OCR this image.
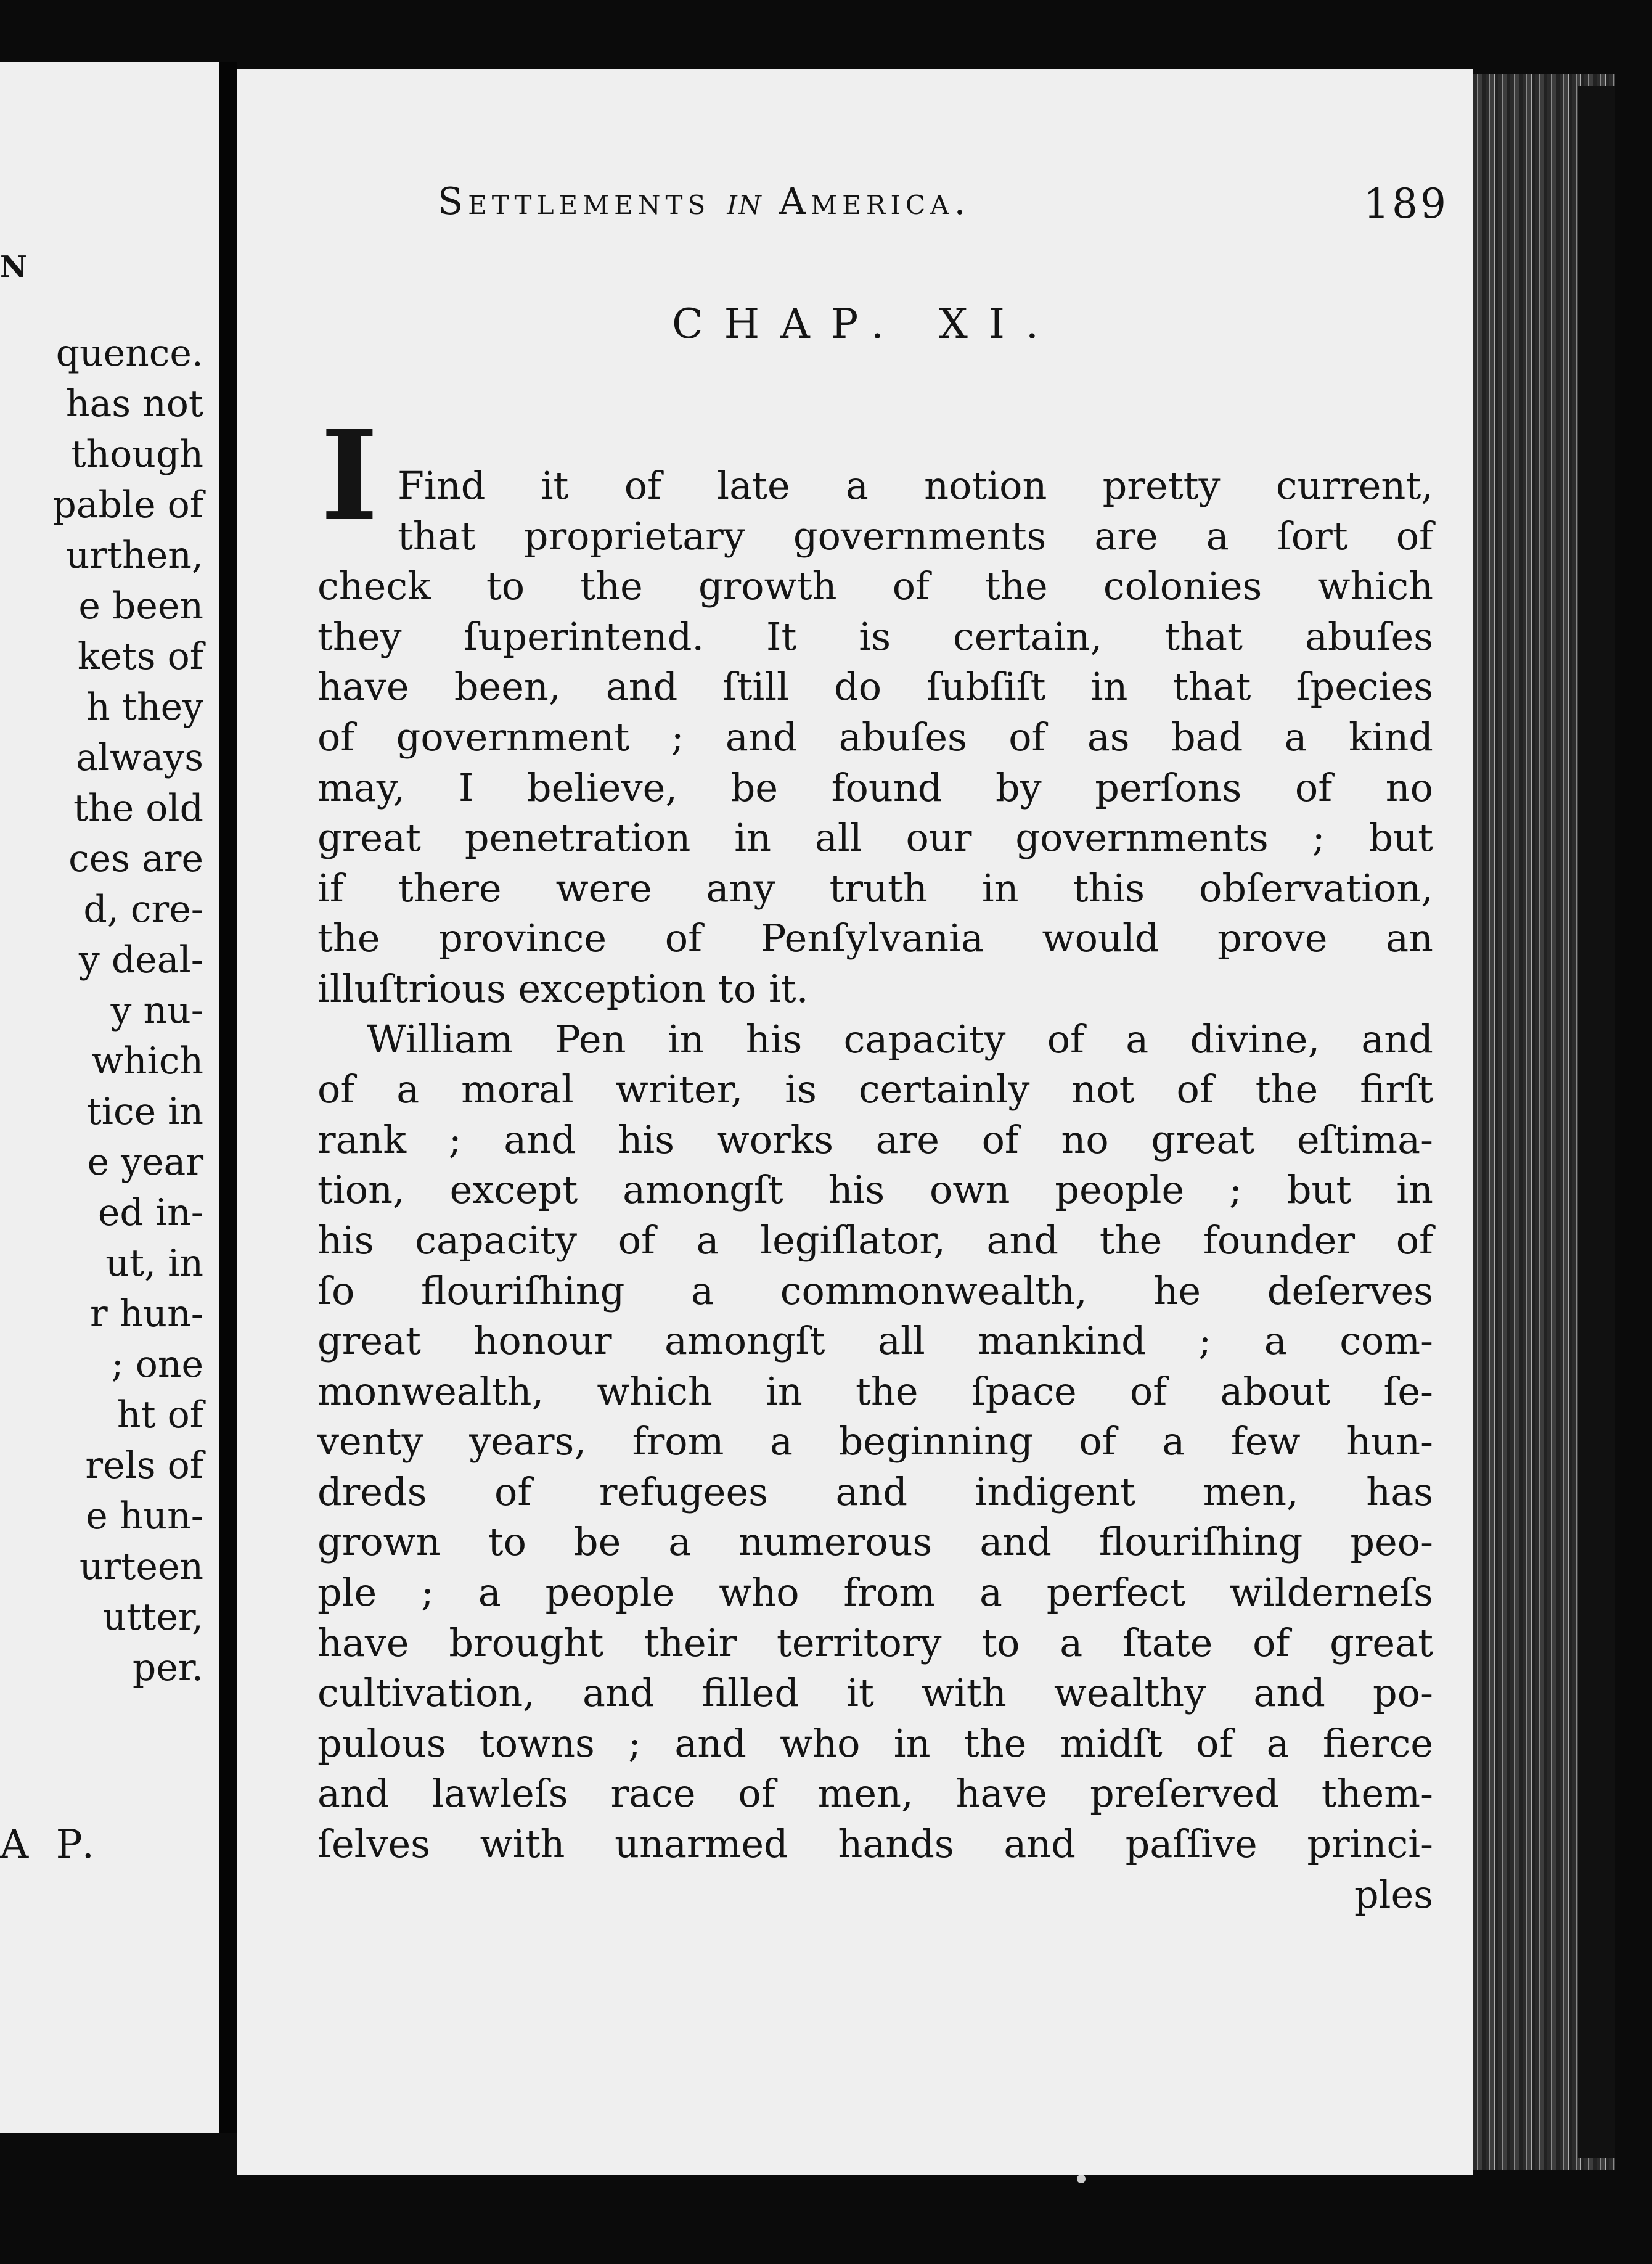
N
quence.
has not
though
pable of
urthen,
e been
kets of
h they
always
the old
ces are
d, cre-
y deal-
y nu-
which
tice in
e year
ed in-
ut, in
r hun-
; one
ht of
rels of
e hun-
urteen
utter,
per.
A P.
Settlements in America.	189
CHAP. XI.
I Find it of late a notion pretty current,
that proprietary governments are a ſort of
check to the growth of the colonies which
they ſuperintend. It is certain, that abuſes
have been, and ſtill do ſubſiſt in that ſpecies
of government ; and abuſes of as bad a kind
may, I believe, be found by perſons of no
great penetration in all our governments ; but
if there were any truth in this obſervation,
the province of Penſylvania would prove an
illuſtrious exception to it.
William Pen in his capacity of a divine, and
of a moral writer, is certainly not of the firſt
rank ; and his works are of no great eſtima-
tion, except amongſt his own people ; but in
his capacity of a legiſlator, and the founder of
ſo flouriſhing a commonwealth, he deſerves
great honour amongſt all mankind ; a com-
monwealth, which in the ſpace of about ſe-
venty years, from a beginning of a few hun-
dreds of refugees and indigent men, has
grown to be a numerous and flouriſhing peo-
ple ; a people who from a perfect wilderneſs
have brought their territory to a ſtate of great
cultivation, and filled it with wealthy and po-
pulous towns ; and who in the midſt of a fierce
and lawleſs race of men, have preſerved them-
ſelves with unarmed hands and paſſive princi-
ples
